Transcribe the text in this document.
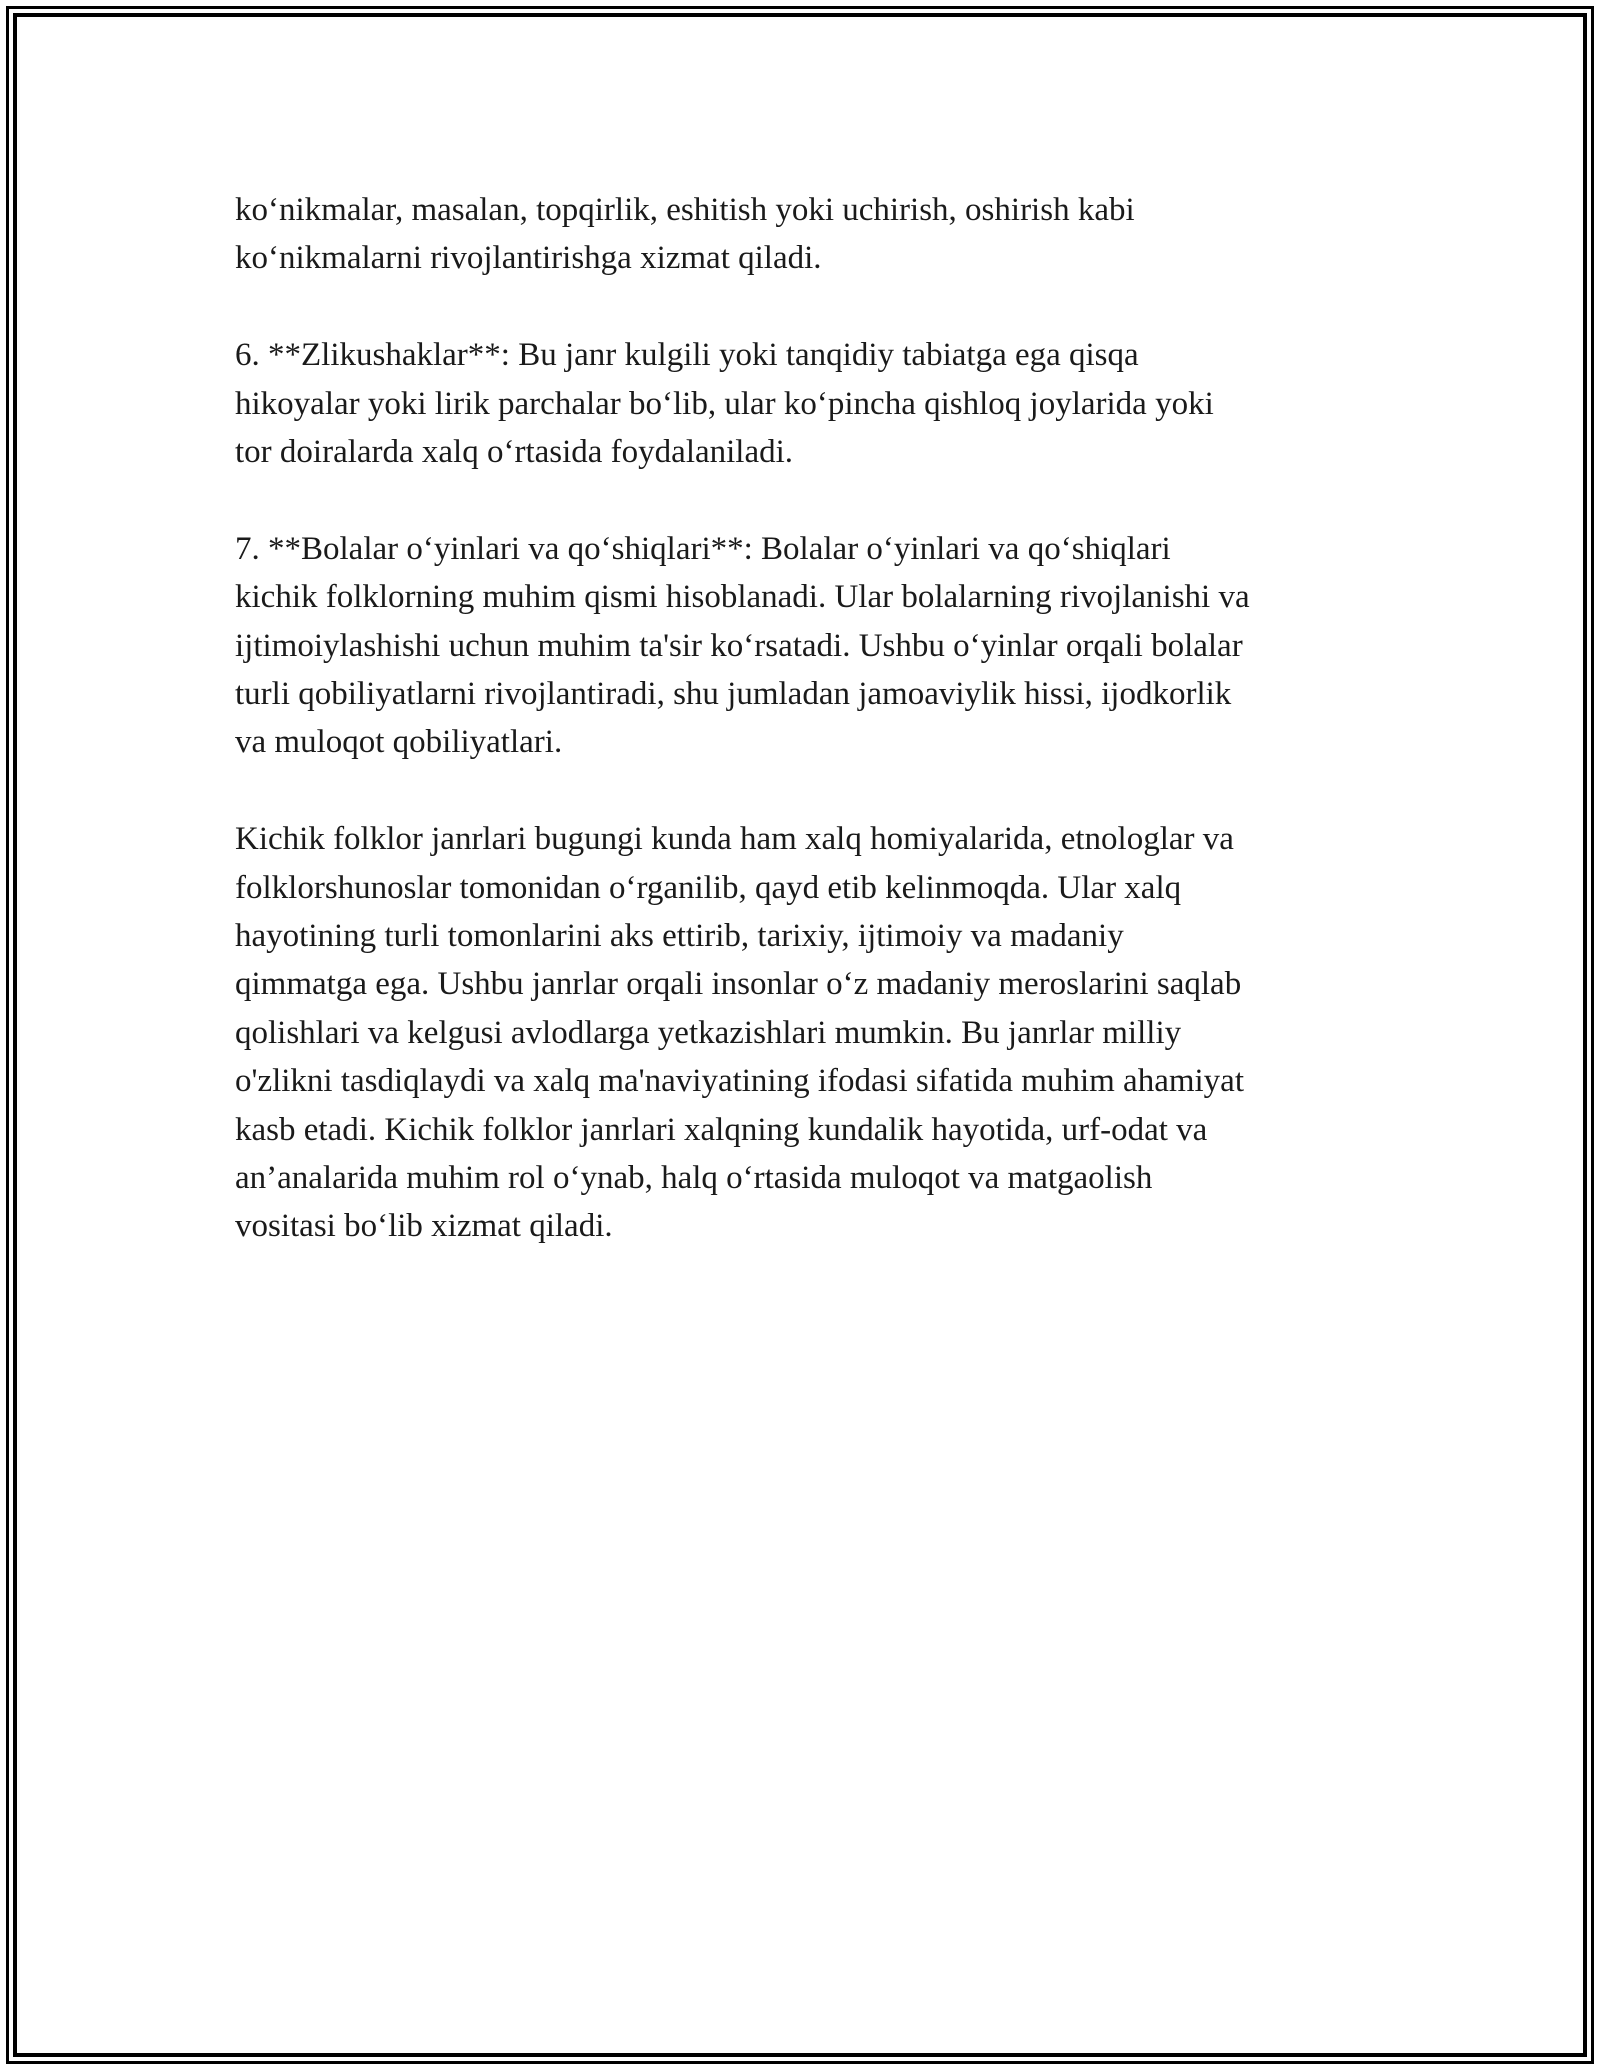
ko‘nikmalar, masalan, topqirlik, eshitish yoki uchirish, oshirish kabi
ko‘nikmalarni rivojlantirishga xizmat qiladi.

6. **Zlikushaklar**: Bu janr kulgili yoki tanqidiy tabiatga ega qisqa
hikoyalar yoki lirik parchalar bo‘lib, ular ko‘pincha qishloq joylarida yoki
tor doiralarda xalq o‘rtasida foydalaniladi.

7. **Bolalar o‘yinlari va qo‘shiqlari**: Bolalar o‘yinlari va qo‘shiqlari
kichik folklorning muhim qismi hisoblanadi. Ular bolalarning rivojlanishi va
ijtimoiylashishi uchun muhim ta'sir ko‘rsatadi. Ushbu o‘yinlar orqali bolalar
turli qobiliyatlarni rivojlantiradi, shu jumladan jamoaviylik hissi, ijodkorlik
va muloqot qobiliyatlari.

Kichik folklor janrlari bugungi kunda ham xalq homiyalarida, etnologlar va
folklorshunoslar tomonidan o‘rganilib, qayd etib kelinmoqda. Ular xalq
hayotining turli tomonlarini aks ettirib, tarixiy, ijtimoiy va madaniy
qimmatga ega. Ushbu janrlar orqali insonlar o‘z madaniy meroslarini saqlab
qolishlari va kelgusi avlodlarga yetkazishlari mumkin. Bu janrlar milliy
o'zlikni tasdiqlaydi va xalq ma'naviyatining ifodasi sifatida muhim ahamiyat
kasb etadi. Kichik folklor janrlari xalqning kundalik hayotida, urf-odat va
an’analarida muhim rol o‘ynab, halq o‘rtasida muloqot va matgaolish
vositasi bo‘lib xizmat qiladi.
